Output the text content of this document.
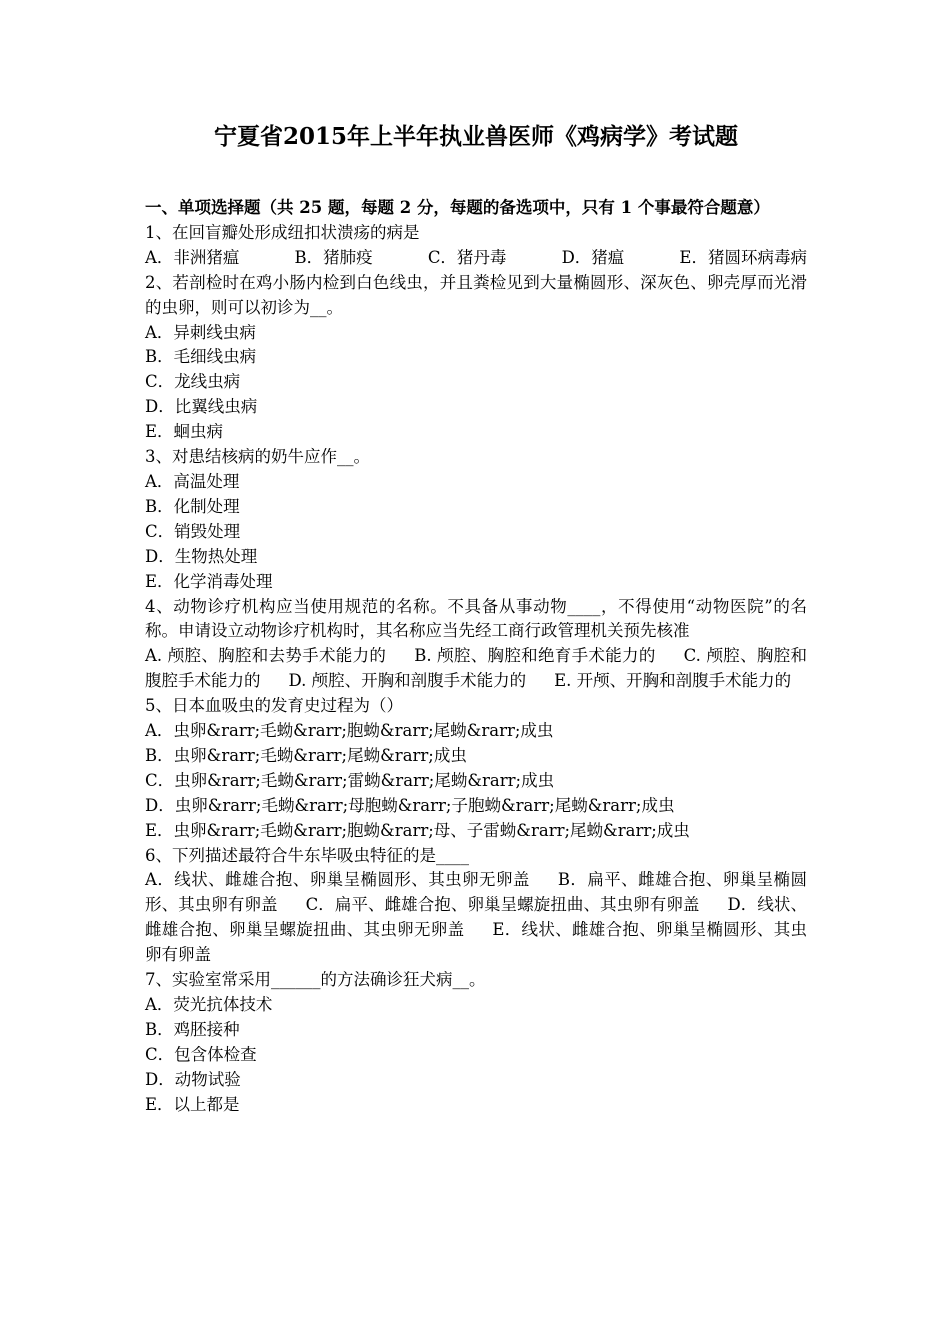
宁夏省2015年上半年执业兽医师《鸡病学》考试题

一、单项选择题（共 25 题，每题 2 分，每题的备选项中，只有 1 个事最符合题意）

1、在回盲瓣处形成纽扣状溃疡的病是

A．非洲猪瘟	B．猪肺疫	C．猪丹毒	D．猪瘟	E．猪圆环病毒病

2、若剖检时在鸡小肠内检到白色线虫，并且粪检见到大量椭圆形、深灰色、卵壳厚而光滑的虫卵，则可以初诊为__。

A．异刺线虫病

B．毛细线虫病

C．龙线虫病

D．比翼线虫病

E．蛔虫病

3、对患结核病的奶牛应作__。

A．高温处理

B．化制处理

C．销毁处理

D．生物热处理

E．化学消毒处理

4、动物诊疗机构应当使用规范的名称。不具备从事动物____，不得使用“动物医院”的名称。申请设立动物诊疗机构时，其名称应当先经工商行政管理机关预先核准

A. 颅腔、胸腔和去势手术能力的 B. 颅腔、胸腔和绝育手术能力的 C. 颅腔、胸腔和腹腔手术能力的 D. 颅腔、开胸和剖腹手术能力的 E. 开颅、开胸和剖腹手术能力的

5、日本血吸虫的发育史过程为（）

A．虫卵&rarr;毛蚴&rarr;胞蚴&rarr;尾蚴&rarr;成虫

B．虫卵&rarr;毛蚴&rarr;尾蚴&rarr;成虫

C．虫卵&rarr;毛蚴&rarr;雷蚴&rarr;尾蚴&rarr;成虫

D．虫卵&rarr;毛蚴&rarr;母胞蚴&rarr;子胞蚴&rarr;尾蚴&rarr;成虫

E．虫卵&rarr;毛蚴&rarr;胞蚴&rarr;母、子雷蚴&rarr;尾蚴&rarr;成虫

6、下列描述最符合牛东毕吸虫特征的是____

A．线状、雌雄合抱、卵巢呈椭圆形、其虫卵无卵盖 B．扁平、雌雄合抱、卵巢呈椭圆形、其虫卵有卵盖 C．扁平、雌雄合抱、卵巢呈螺旋扭曲、其虫卵有卵盖 D．线状、雌雄合抱、卵巢呈螺旋扭曲、其虫卵无卵盖 E．线状、雌雄合抱、卵巢呈椭圆形、其虫卵有卵盖

7、实验室常采用______的方法确诊狂犬病__。

A．荧光抗体技术

B．鸡胚接种

C．包含体检查

D．动物试验

E．以上都是
